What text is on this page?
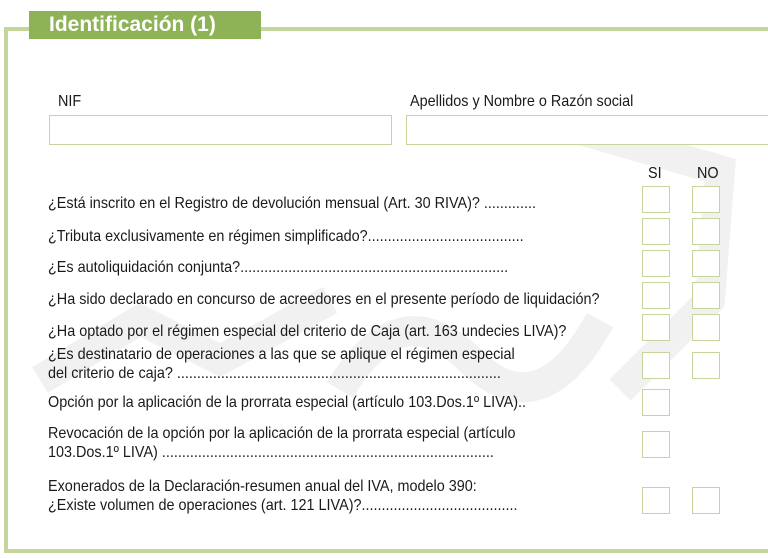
Identificación (1)
NIF	Apellidos y Nombre o Razón social
SI NO
¿Está inscrito en el Registro de devolución mensual (Art. 30 RIVA)? .............
¿Tributa exclusivamente en régimen simplificado?.......................................
¿Es autoliquidación conjunta?...................................................................
¿Ha sido declarado en concurso de acreedores en el presente período de liquidación?
¿Ha optado por el régimen especial del criterio de Caja (art. 163 undecies LIVA)?
¿Es destinatario de operaciones a las que se aplique el régimen especial
del criterio de caja? .................................................................................
Opción por la aplicación de la prorrata especial (artículo 103.Dos.1º LIVA)..
Revocación de la opción por la aplicación de la prorrata especial (artículo
103.Dos.1º LIVA) ...................................................................................
Exonerados de la Declaración-resumen anual del IVA, modelo 390:
¿Existe volumen de operaciones (art. 121 LIVA)?.......................................
